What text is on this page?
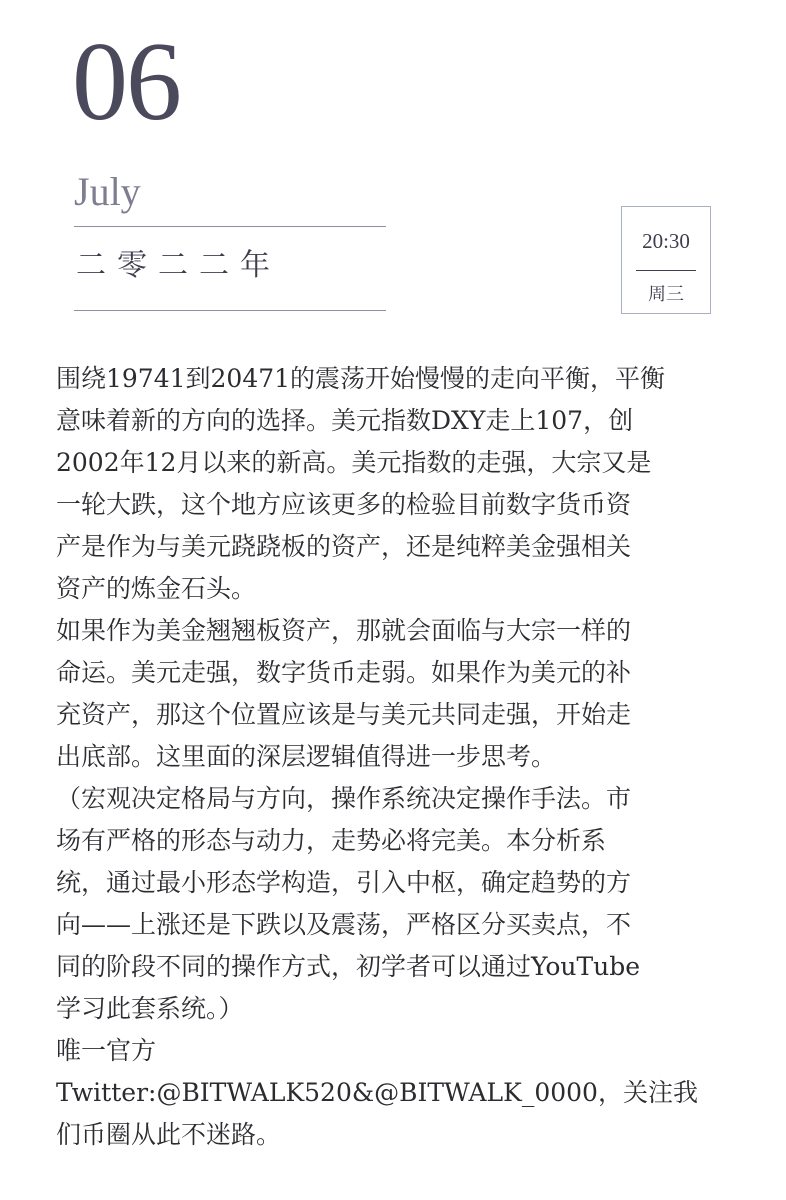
06
July
二零二二年
20:30
周三

围绕19741到20471的震荡开始慢慢的走向平衡，平衡

意味着新的方向的选择。美元指数DXY走上107，创

2002年12月以来的新高。美元指数的走强，大宗又是

一轮大跌，这个地方应该更多的检验目前数字货币资

产是作为与美元跷跷板的资产，还是纯粹美金强相关

资产的炼金石头。

如果作为美金翘翘板资产，那就会面临与大宗一样的

命运。美元走强，数字货币走弱。如果作为美元的补

充资产，那这个位置应该是与美元共同走强，开始走

出底部。这里面的深层逻辑值得进一步思考。

（宏观决定格局与方向，操作系统决定操作手法。市

场有严格的形态与动力，走势必将完美。本分析系

统，通过最小形态学构造，引入中枢，确定趋势的方

向——上涨还是下跌以及震荡，严格区分买卖点，不

同的阶段不同的操作方式，初学者可以通过YouTube

学习此套系统。）

唯一官方

Twitter:@BITWALK520&@BITWALK_0000，关注我

们币圈从此不迷路。
